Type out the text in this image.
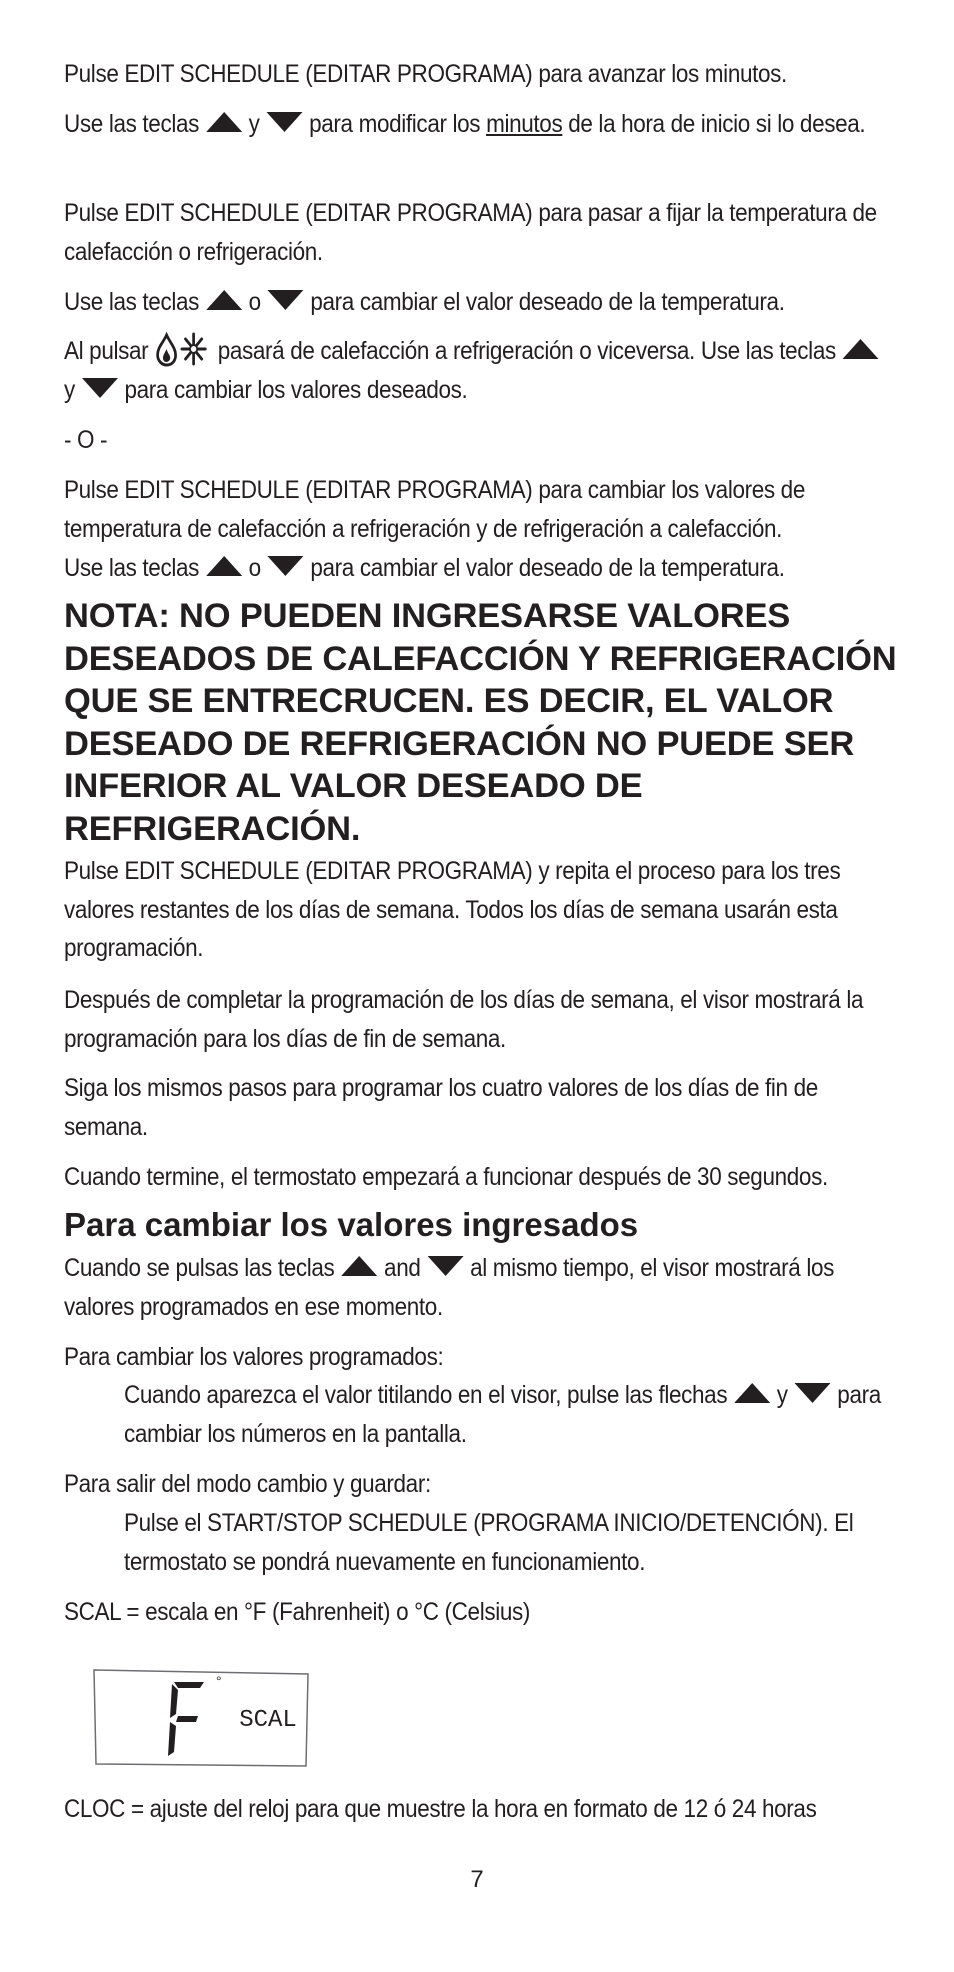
Pulse EDIT SCHEDULE (EDITAR PROGRAMA) para avanzar los minutos.

Use las teclas y para modificar los minutos de la hora de inicio si lo desea.

Pulse EDIT SCHEDULE (EDITAR PROGRAMA) para pasar a fijar la temperatura de calefacción o refrigeración.

Use las teclas o para cambiar el valor deseado de la temperatura.

Al pulsar	pasará de calefacción a refrigeración o viceversa. Use las teclas
y para cambiar los valores deseados.

- O -

Pulse EDIT SCHEDULE (EDITAR PROGRAMA) para cambiar los valores de temperatura de calefacción a refrigeración y de refrigeración a calefacción.

Use las teclas o para cambiar el valor deseado de la temperatura.

NOTA: NO PUEDEN INGRESARSE VALORES DESEADOS DE CALEFACCIÓN Y REFRIGERACIÓN QUE SE ENTRECRUCEN. ES DECIR, EL VALOR DESEADO DE REFRIGERACIÓN NO PUEDE SER INFERIOR AL VALOR DESEADO DE REFRIGERACIÓN.

Pulse EDIT SCHEDULE (EDITAR PROGRAMA) y repita el proceso para los tres valores restantes de los días de semana. Todos los días de semana usarán esta programación.

Después de completar la programación de los días de semana, el visor mostrará la programación para los días de fin de semana.

Siga los mismos pasos para programar los cuatro valores de los días de fin de semana.

Cuando termine, el termostato empezará a funcionar después de 30 segundos.

Para cambiar los valores ingresados

Cuando se pulsas las teclas and al mismo tiempo, el visor mostrará los valores programados en ese momento.

Para cambiar los valores programados:

Cuando aparezca el valor titilando en el visor, pulse las flechas y para cambiar los números en la pantalla.

Para salir del modo cambio y guardar:

Pulse el START/STOP SCHEDULE (PROGRAMA INICIO/DETENCIÓN). El termostato se pondrá nuevamente en funcionamiento.

SCAL = escala en °F (Fahrenheit) o °C (Celsius)

°
SCAL

CLOC = ajuste del reloj para que muestre la hora en formato de 12 ó 24 horas

7
